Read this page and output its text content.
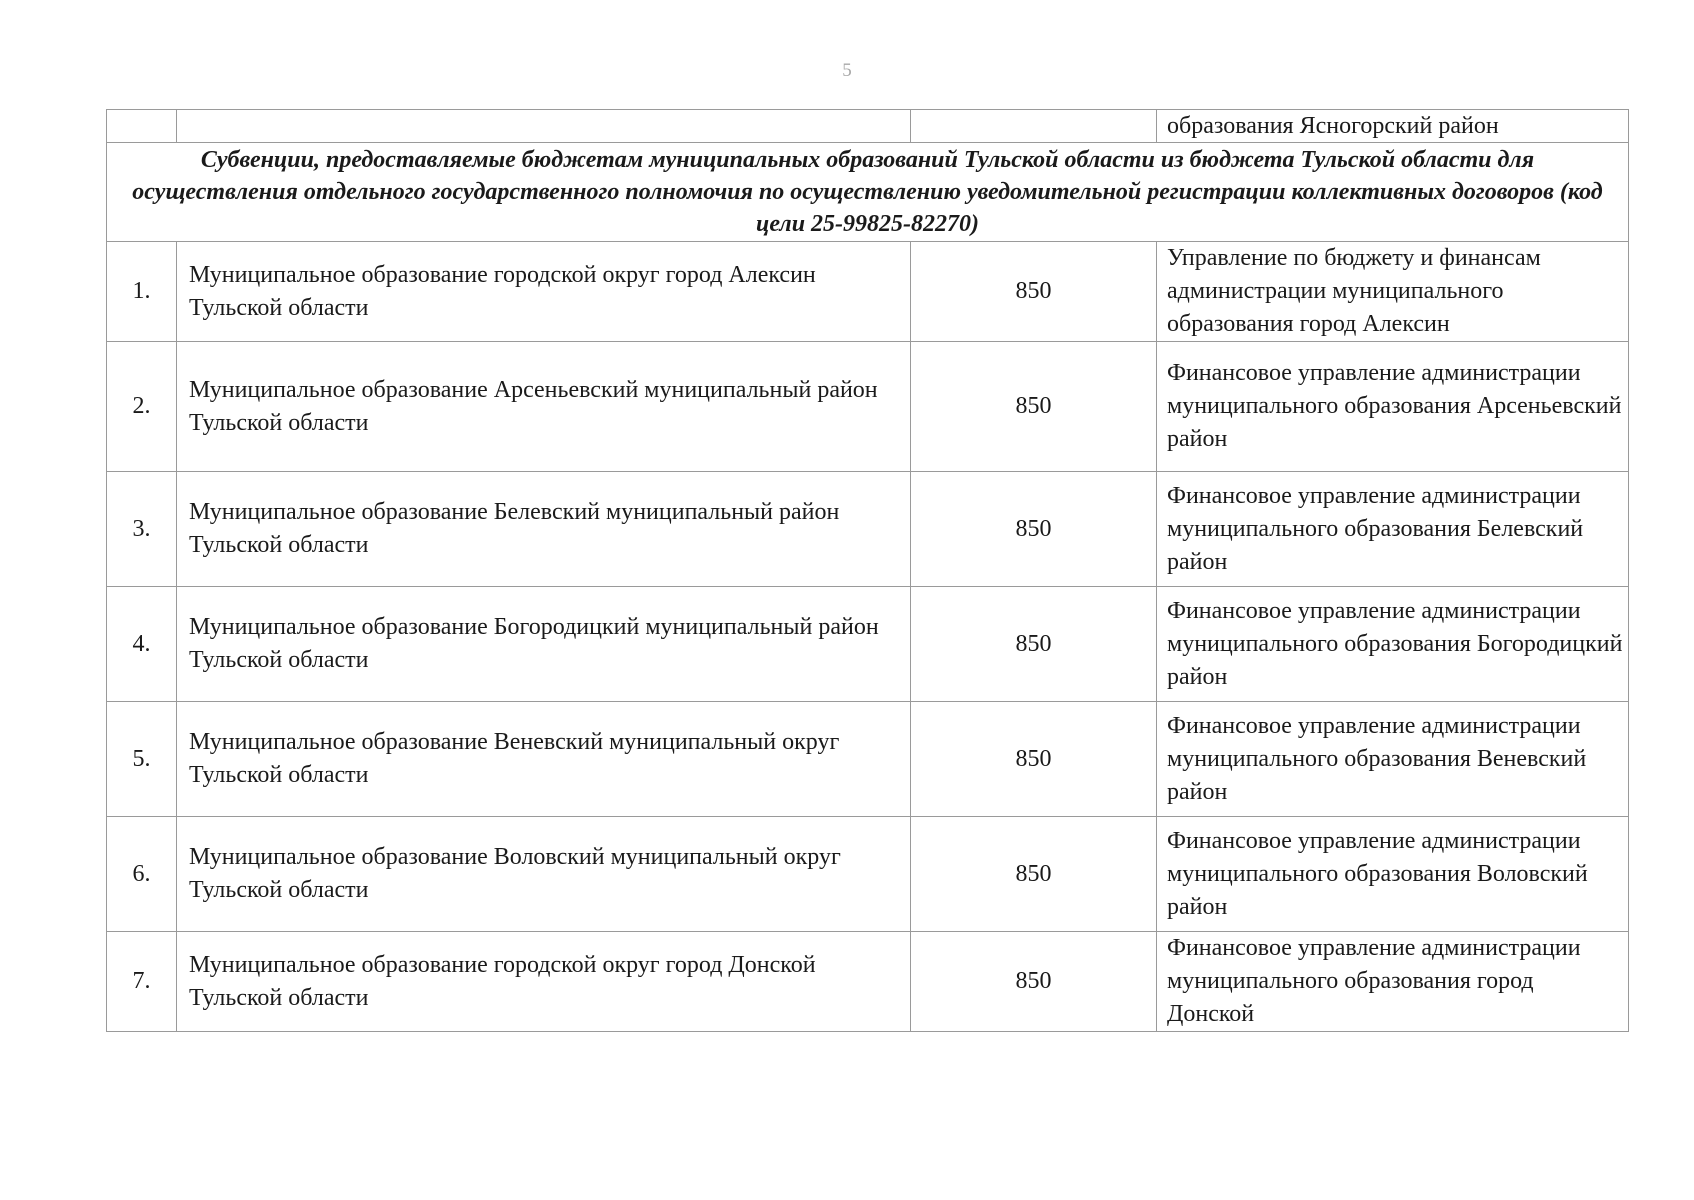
5
			образования Ясногорский район
Субвенции, предоставляемые бюджетам муниципальных образований Тульской области из бюджета Тульской области для осуществления отдельного государственного полномочия по осуществлению уведомительной регистрации коллективных договоров (код цели 25-99825-82270)			
1.	Муниципальное образование городской округ город Алексин Тульской области	850	Управление по бюджету и финансам администрации муниципального образования город Алексин
2.	Муниципальное образование Арсеньевский муниципальный район Тульской области	850	Финансовое управление администрации муниципального образования Арсеньевский район
3.	Муниципальное образование Белевский муниципальный район Тульской области	850	Финансовое управление администрации муниципального образования Белевский район
4.	Муниципальное образование Богородицкий муниципальный район Тульской области	850	Финансовое управление администрации муниципального образования Богородицкий район
5.	Муниципальное образование Веневский муниципальный округ Тульской области	850	Финансовое управление администрации муниципального образования Веневский район
6.	Муниципальное образование Воловский муниципальный округ Тульской области	850	Финансовое управление администрации муниципального образования Воловский район
7.	Муниципальное образование городской округ город Донской Тульской области	850	Финансовое управление администрации муниципального образования город Донской
